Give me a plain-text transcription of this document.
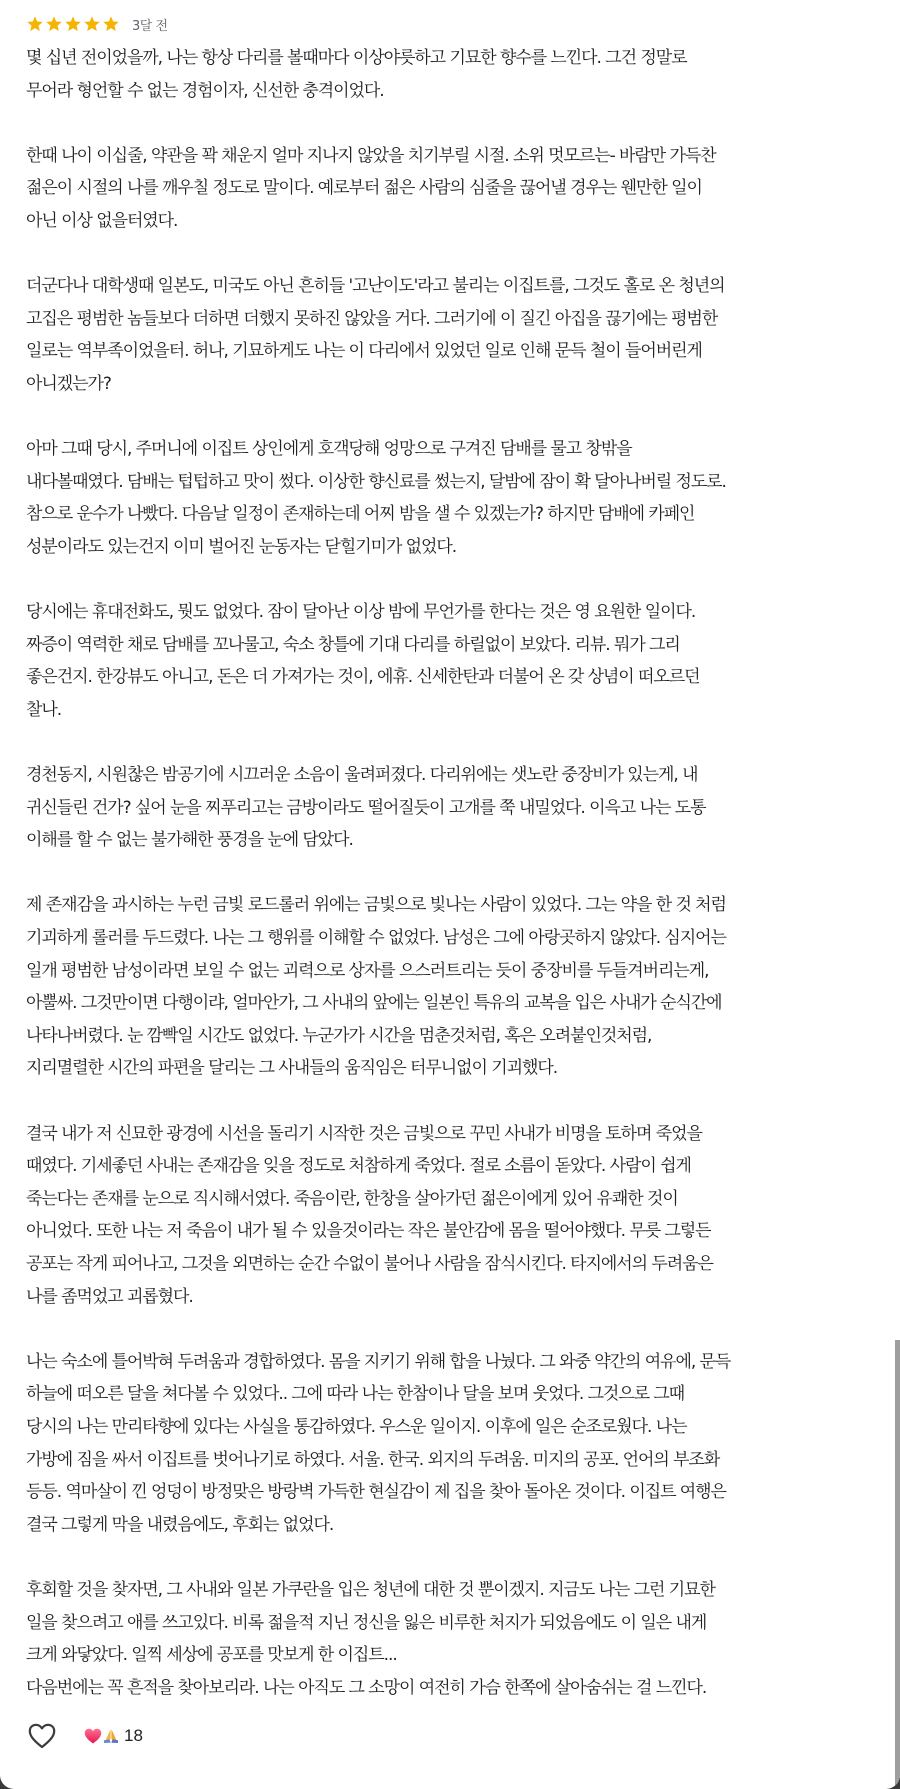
3달 전

몇 십년 전이었을까, 나는 항상 다리를 볼때마다 이상야릇하고 기묘한 향수를 느낀다. 그건 정말로
무어라 형언할 수 없는 경험이자, 신선한 충격이었다.

한때 나이 이십줄, 약관을 꽉 채운지 얼마 지나지 않았을 치기부릴 시절. 소위 멋모르는- 바람만 가득찬
젊은이 시절의 나를 깨우칠 정도로 말이다. 예로부터 젊은 사람의 심줄을 끊어낼 경우는 웬만한 일이
아닌 이상 없을터였다.

더군다나 대학생때 일본도, 미국도 아닌 흔히들 '고난이도'라고 불리는 이집트를, 그것도 홀로 온 청년의
고집은 평범한 놈들보다 더하면 더했지 못하진 않았을 거다. 그러기에 이 질긴 아집을 끊기에는 평범한
일로는 역부족이었을터. 허나, 기묘하게도 나는 이 다리에서 있었던 일로 인해 문득 철이 들어버린게
아니겠는가?

아마 그때 당시, 주머니에 이집트 상인에게 호객당해 엉망으로 구겨진 담배를 물고 창밖을
내다볼때였다. 담배는 텁텁하고 맛이 썼다. 이상한 향신료를 썼는지, 달밤에 잠이 확 달아나버릴 정도로.
참으로 운수가 나빴다. 다음날 일정이 존재하는데 어찌 밤을 샐 수 있겠는가? 하지만 담배에 카페인
성분이라도 있는건지 이미 벌어진 눈동자는 닫힐기미가 없었다.

당시에는 휴대전화도, 뭣도 없었다. 잠이 달아난 이상 밤에 무언가를 한다는 것은 영 요원한 일이다.
짜증이 역력한 채로 담배를 꼬나물고, 숙소 창틀에 기대 다리를 하릴없이 보았다. 리뷰. 뭐가 그리
좋은건지. 한강뷰도 아니고, 돈은 더 가져가는 것이, 에휴. 신세한탄과 더불어 온 갖 상념이 떠오르던
찰나.

경천동지, 시원찮은 밤공기에 시끄러운 소음이 울려퍼졌다. 다리위에는 샛노란 중장비가 있는게, 내
귀신들린 건가? 싶어 눈을 찌푸리고는 금방이라도 떨어질듯이 고개를 쭉 내밀었다. 이윽고 나는 도통
이해를 할 수 없는 불가해한 풍경을 눈에 담았다.

제 존재감을 과시하는 누런 금빛 로드롤러 위에는 금빛으로 빛나는 사람이 있었다. 그는 약을 한 것 처럼
기괴하게 롤러를 두드렸다. 나는 그 행위를 이해할 수 없었다. 남성은 그에 아랑곳하지 않았다. 심지어는
일개 평범한 남성이라면 보일 수 없는 괴력으로 상자를 으스러트리는 듯이 중장비를 두들겨버리는게,
아뿔싸. 그것만이면 다행이랴, 얼마안가, 그 사내의 앞에는 일본인 특유의 교복을 입은 사내가 순식간에
나타나버렸다. 눈 깜빡일 시간도 없었다. 누군가가 시간을 멈춘것처럼, 혹은 오려붙인것처럼,
지리멸렬한 시간의 파편을 달리는 그 사내들의 움직임은 터무니없이 기괴했다.

결국 내가 저 신묘한 광경에 시선을 돌리기 시작한 것은 금빛으로 꾸민 사내가 비명을 토하며 죽었을
때였다. 기세좋던 사내는 존재감을 잊을 정도로 처참하게 죽었다. 절로 소름이 돋았다. 사람이 쉽게
죽는다는 존재를 눈으로 직시해서였다. 죽음이란, 한창을 살아가던 젊은이에게 있어 유쾌한 것이
아니었다. 또한 나는 저 죽음이 내가 될 수 있을것이라는 작은 불안감에 몸을 떨어야했다. 무릇 그렇든
공포는 작게 피어나고, 그것을 외면하는 순간 수없이 불어나 사람을 잠식시킨다. 타지에서의 두려움은
나를 좀먹었고 괴롭혔다.

나는 숙소에 틀어박혀 두려움과 경합하였다. 몸을 지키기 위해 합을 나눴다. 그 와중 약간의 여유에, 문득
하늘에 떠오른 달을 쳐다볼 수 있었다.. 그에 따라 나는 한참이나 달을 보며 웃었다. 그것으로 그때
당시의 나는 만리타향에 있다는 사실을 통감하였다. 우스운 일이지. 이후에 일은 순조로웠다. 나는
가방에 짐을 싸서 이집트를 벗어나기로 하였다. 서울. 한국. 외지의 두려움. 미지의 공포. 언어의 부조화
등등. 역마살이 낀 엉덩이 방정맞은 방랑벽 가득한 현실감이 제 집을 찾아 돌아온 것이다. 이집트 여행은
결국 그렇게 막을 내렸음에도, 후회는 없었다.

후회할 것을 찾자면, 그 사내와 일본 가쿠란을 입은 청년에 대한 것 뿐이겠지. 지금도 나는 그런 기묘한
일을 찾으려고 애를 쓰고있다. 비록 젊을적 지닌 정신을 잃은 비루한 처지가 되었음에도 이 일은 내게
크게 와닿았다. 일찍 세상에 공포를 맛보게 한 이집트...
다음번에는 꼭 흔적을 찾아보리라. 나는 아직도 그 소망이 여전히 가슴 한쪽에 살아숨쉬는 걸 느낀다.

18
